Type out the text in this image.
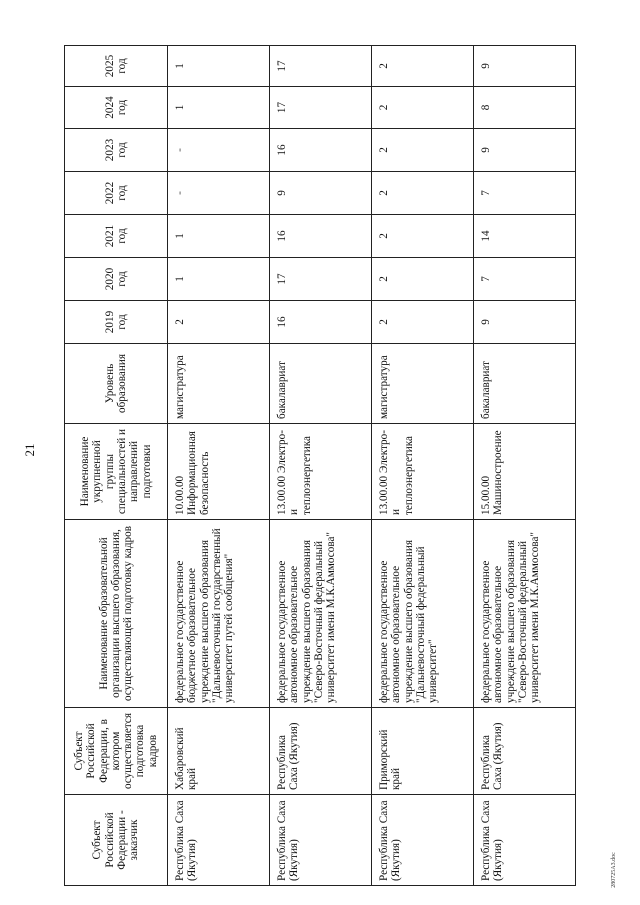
21
Субъект Российской Федерации - заказчик	Субъект Российской Федерации, в котором осуществляется подготовка кадров	Наименование образовательной организации высшего образования, осуществляющей подготовку кадров	Наименование укрупненной группы специальностей и направлений подготовки	Уровень образования	2019 год	2020 год	2021 год	2022 год	2023 год	2024 год	2025 год
Республика Саха (Якутия)	Хабаровский край	федеральное государственное бюджетное образовательное учреждение высшего образования "Дальневосточный государственный университет путей сообщения"	10.00.00 Информационная безопасность	магистратура	2	1	1	-	-	1	1
Республика Саха (Якутия)	Республика Саха (Якутия)	федеральное государственное автономное образовательное учреждение высшего образования "Северо-Восточный федеральный университет имени М.К.Аммосова"	13.00.00 Электро- и теплоэнергетика	бакалавриат	16	17	16	9	16	17	17
Республика Саха (Якутия)	Приморский край	федеральное государственное автономное образовательное учреждение высшего образования "Дальневосточный федеральный университет"	13.00.00 Электро- и теплоэнергетика	магистратура	2	2	2	2	2	2	2
Республика Саха (Якутия)	Республика Саха (Якутия)	федеральное государственное автономное образовательное учреждение высшего образования "Северо-Восточный федеральный университет имени М.К.Аммосова"	15.00.00 Машиностроение	бакалавриат	9	7	14	7	9	8	9
280725A3.doc
